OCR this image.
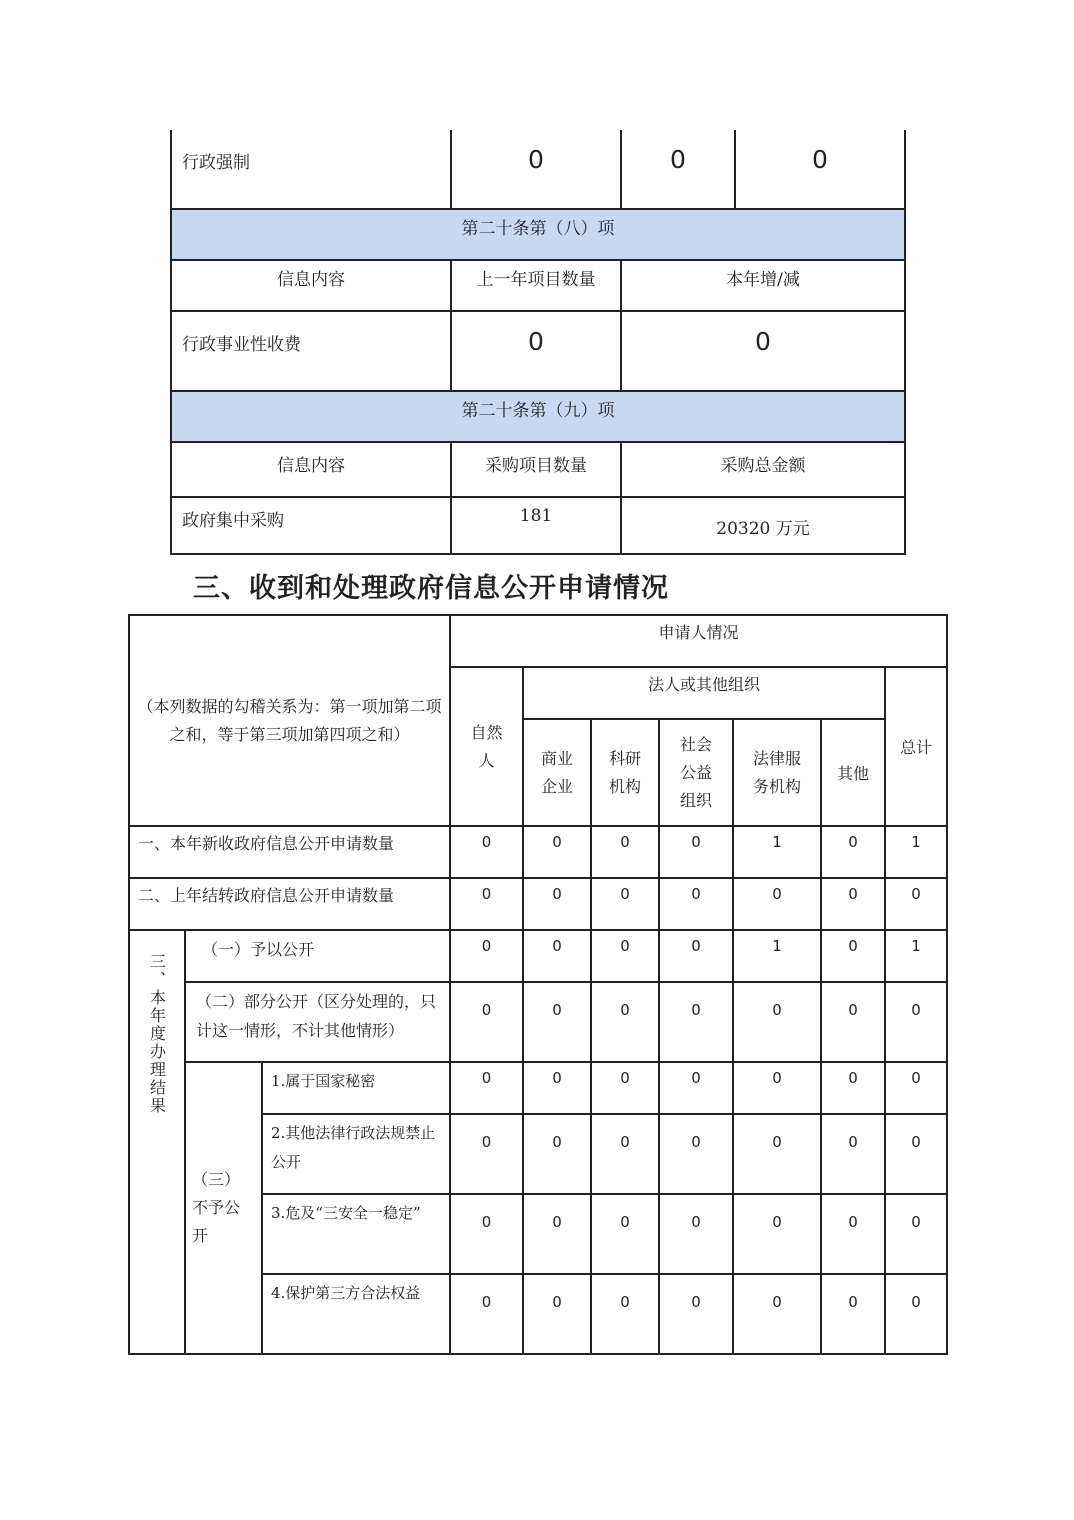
行政强制	0	0	0
第二十条第（八）项			
信息内容	上一年项目数量	本年增/减	
行政事业性收费	0	0	
第二十条第（九）项			
信息内容	采购项目数量	采购总金额	
政府集中采购	181	20320 万元	
三、收到和处理政府信息公开申请情况
（本列数据的勾稽关系为：第一项加第二项之和，等于第三项加第四项之和）			申请人情况						
			自然人	法人或其他组织					总计
				商业企业	科研机构	社会公益组织	法律服务机构	其他	
一、本年新收政府信息公开申请数量			0	0	0	0	1	0	1
二、上年结转政府信息公开申请数量			0	0	0	0	0	0	0
三、本年度办理结果	（一）予以公开		0	0	0	0	1	0	1
	（二）部分公开（区分处理的，只计这一情形，不计其他情形）		0	0	0	0	0	0	0
	（三）不予公开	1.属于国家秘密	0	0	0	0	0	0	0
		2.其他法律行政法规禁止公开	0	0	0	0	0	0	0
		3.危及“三安全一稳定”	0	0	0	0	0	0	0
		4.保护第三方合法权益	0	0	0	0	0	0	0
